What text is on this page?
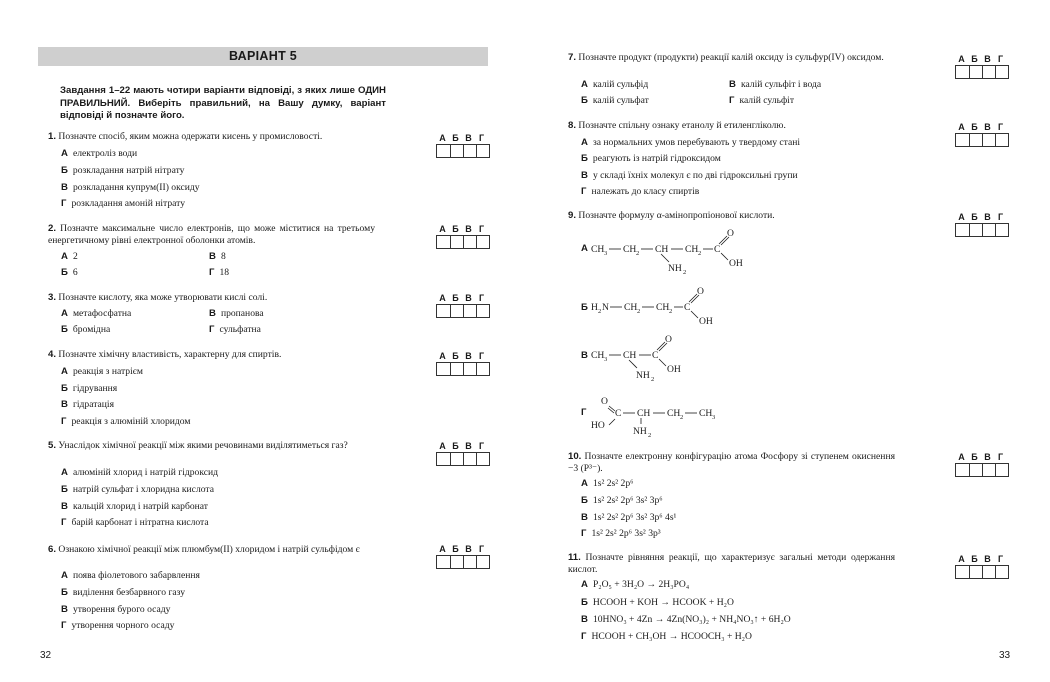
ВАРІАНТ 5
Завдання 1–22 мають чотири варіанти відповіді, з яких лише ОДИН ПРАВИЛЬНИЙ. Виберіть правильний, на Вашу думку, варіант відповіді й позначте його.
32	33
1. Позначте спосіб, яким можна одержати кисень у промисловості.	А Б В Г
А електроліз води
Б розкладання натрій нітрату
В розкладання купрум(ІІ) оксиду
Г розкладання амоній нітрату
2. Позначте максимальне число електронів, що може міститися на третьому енергетичному рівні електронної оболонки атомів.
А Б В Г
А 2	В 8
Б 6	Г 18
3. Позначте кислоту, яка може утворювати кислі солі.	А Б В Г
А метафосфатна	В пропанова
Б бромідна	Г сульфатна
4. Позначте хімічну властивість, характерну для спиртів.	А Б В Г
А реакція з натрієм
Б гідрування
В гідратація
Г реакція з алюміній хлоридом
5. Унаслідок хімічної реакції між якими речовинами виділятиметься газ?	А Б В Г
А алюміній хлорид і натрій гідроксид
Б натрій сульфат і хлоридна кислота
В кальцій хлорид і натрій карбонат
Г барій карбонат і нітратна кислота
6. Ознакою хімічної реакції між плюмбум(ІІ) хлоридом і натрій сульфідом є	А Б В Г
А поява фіолетового забарвлення
Б виділення безбарвного газу
В утворення бурого осаду
Г утворення чорного осаду
7. Позначте продукт (продукти) реакції калій оксиду із сульфур(IV) оксидом.	А Б В Г
А калій сульфід	В калій сульфіт і вода
Б калій сульфат	Г калій сульфіт
8. Позначте спільну ознаку етанолу й етиленгліколю.	А Б В Г
А за нормальних умов перебувають у твердому стані
Б реагують із натрій гідроксидом
В у складі їхніх молекул є по дві гідроксильні групи
Г належать до класу спиртів
9. Позначте формулу α-амінопропіонової кислоти.	А Б В Г
А
Б
В
Г
10. Позначте електронну конфігурацію атома Фосфору зі ступенем окиснення −3 (Р³⁻).
А Б В Г
А 1s² 2s² 2p⁶
Б 1s² 2s² 2p⁶ 3s² 3p⁶
В 1s² 2s² 2p⁶ 3s² 3p⁶ 4s¹
Г 1s² 2s² 2p⁶ 3s² 3p³
11. Позначте рівняння реакції, що характеризує загальні методи одержання кислот.
А Б В Г
А P₂O₅ + 3H₂O → 2H₃PO₄
Б HCOOH + KOH → HCOOK + H₂O
В 10HNO₃ + 4Zn → 4Zn(NO₃)₂ + NH₄NO₃↑ + 6H₂O
Г HCOOH + CH₃OH → HCOOCH₃ + H₂O
CH 3 CH 2 CH CH 2 C
O
OH
NH 2
H 2 N CH 2 CH 2 C
O
OH
CH 3 CH C
O
OH
NH 2
O
C CH CH 2 CH 3
HO
NH 2
